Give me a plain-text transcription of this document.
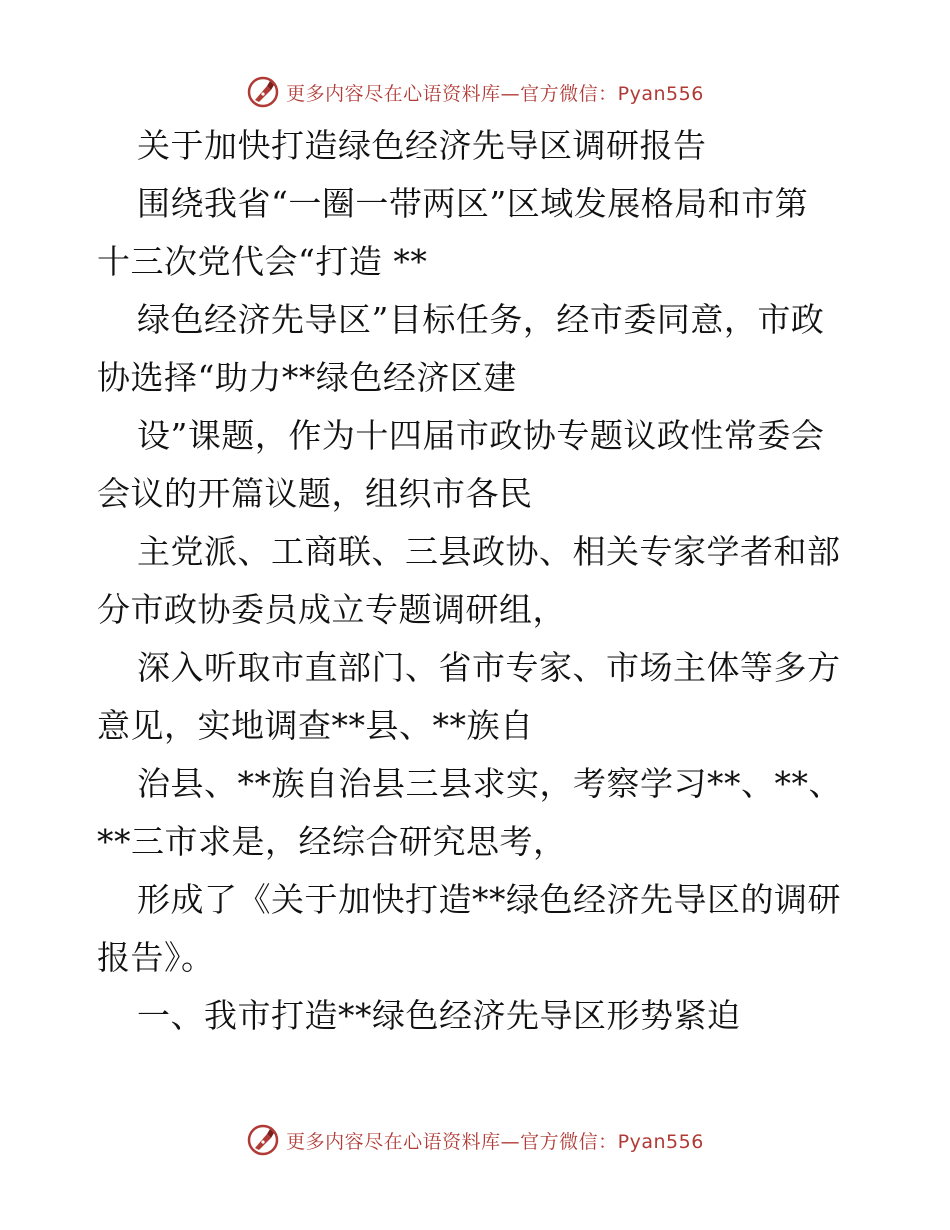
更多内容尽在心语资料库—官方微信：Pyan556
关于加快打造绿色经济先导区调研报告
围绕我省“一圈一带两区”区域发展格局和市第
十三次党代会“打造 **
绿色经济先导区”目标任务，经市委同意，市政
协选择“助力**绿色经济区建
设”课题，作为十四届市政协专题议政性常委会
会议的开篇议题，组织市各民
主党派、工商联、三县政协、相关专家学者和部
分市政协委员成立专题调研组，
深入听取市直部门、省市专家、市场主体等多方
意见，实地调查**县、**族自
治县、**族自治县三县求实，考察学习**、**、
**三市求是，经综合研究思考，
形成了《关于加快打造**绿色经济先导区的调研
报告》。
一、我市打造**绿色经济先导区形势紧迫
更多内容尽在心语资料库—官方微信：Pyan556
